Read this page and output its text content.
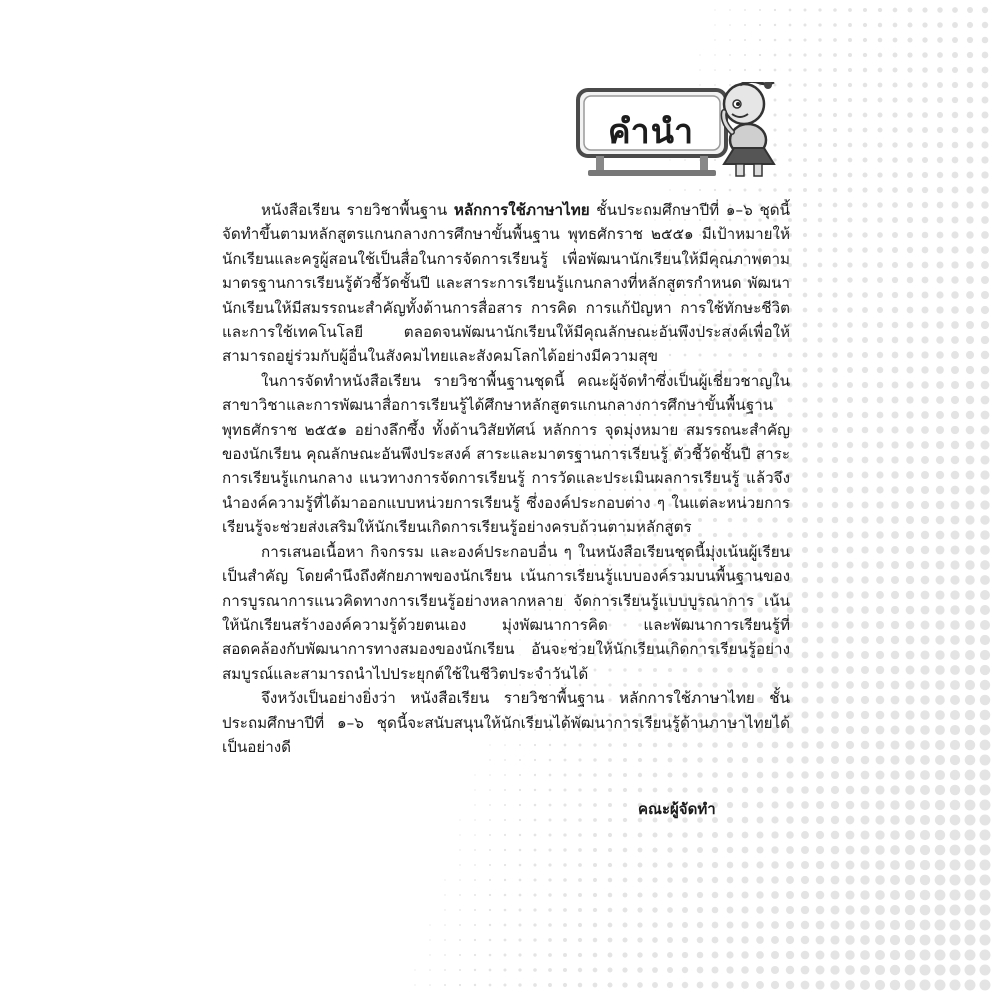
คำนำ

หนังสือเรียน รายวิชาพื้นฐาน หลักการใช้ภาษาไทย ชั้นประถมศึกษาปีที่ ๑–๖ ชุดนี้จัดทำขึ้นตามหลักสูตรแกนกลางการศึกษาขั้นพื้นฐาน พุทธศักราช ๒๕๕๑ มีเป้าหมายให้นักเรียนและครูผู้สอนใช้เป็นสื่อในการจัดการเรียนรู้ เพื่อพัฒนานักเรียนให้มีคุณภาพตามมาตรฐานการเรียนรู้ตัวชี้วัดชั้นปี และสาระการเรียนรู้แกนกลางที่หลักสูตรกำหนด พัฒนานักเรียนให้มีสมรรถนะสำคัญทั้งด้านการสื่อสาร การคิด การแก้ปัญหา การใช้ทักษะชีวิต และการใช้เทคโนโลยี ตลอดจนพัฒนานักเรียนให้มีคุณลักษณะอันพึงประสงค์เพื่อให้สามารถอยู่ร่วมกับผู้อื่นในสังคมไทยและสังคมโลกได้อย่างมีความสุข

ในการจัดทำหนังสือเรียน รายวิชาพื้นฐานชุดนี้ คณะผู้จัดทำซึ่งเป็นผู้เชี่ยวชาญในสาขาวิชาและการพัฒนาสื่อการเรียนรู้ได้ศึกษาหลักสูตรแกนกลางการศึกษาขั้นพื้นฐาน พุทธศักราช ๒๕๕๑ อย่างลึกซึ้ง ทั้งด้านวิสัยทัศน์ หลักการ จุดมุ่งหมาย สมรรถนะสำคัญของนักเรียน คุณลักษณะอันพึงประสงค์ สาระและมาตรฐานการเรียนรู้ ตัวชี้วัดชั้นปี สาระการเรียนรู้แกนกลาง แนวทางการจัดการเรียนรู้ การวัดและประเมินผลการเรียนรู้ แล้วจึงนำองค์ความรู้ที่ได้มาออกแบบหน่วยการเรียนรู้ ซึ่งองค์ประกอบต่าง ๆ ในแต่ละหน่วยการเรียนรู้จะช่วยส่งเสริมให้นักเรียนเกิดการเรียนรู้อย่างครบถ้วนตามหลักสูตร

การเสนอเนื้อหา กิจกรรม และองค์ประกอบอื่น ๆ ในหนังสือเรียนชุดนี้มุ่งเน้นผู้เรียนเป็นสำคัญ โดยคำนึงถึงศักยภาพของนักเรียน เน้นการเรียนรู้แบบองค์รวมบนพื้นฐานของการบูรณาการแนวคิดทางการเรียนรู้อย่างหลากหลาย จัดการเรียนรู้แบบบูรณาการ เน้นให้นักเรียนสร้างองค์ความรู้ด้วยตนเอง มุ่งพัฒนาการคิด และพัฒนาการเรียนรู้ที่สอดคล้องกับพัฒนาการทางสมองของนักเรียน อันจะช่วยให้นักเรียนเกิดการเรียนรู้อย่างสมบูรณ์และสามารถนำไปประยุกต์ใช้ในชีวิตประจำวันได้

จึงหวังเป็นอย่างยิ่งว่า หนังสือเรียน รายวิชาพื้นฐาน หลักการใช้ภาษาไทย ชั้นประถมศึกษาปีที่ ๑–๖ ชุดนี้จะสนับสนุนให้นักเรียนได้พัฒนาการเรียนรู้ด้านภาษาไทยได้เป็นอย่างดี

คณะผู้จัดทำ
